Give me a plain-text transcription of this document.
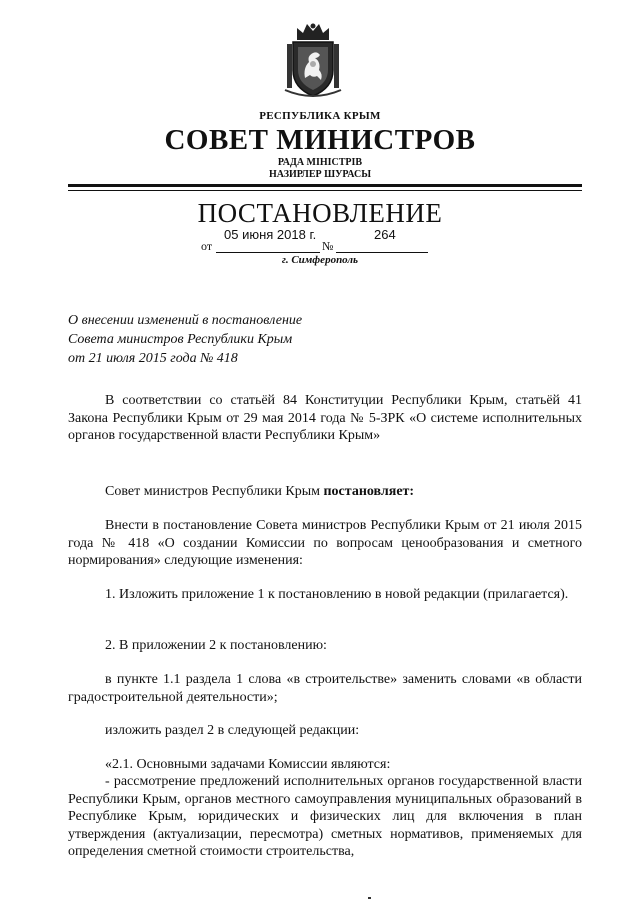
РЕСПУБЛИКА КРЫМ
СОВЕТ МИНИСТРОВ
РАДА МІНІСТРІВ
НАЗИРЛЕР ШУРАСЫ
ПОСТАНОВЛЕНИЕ
05 июня 2018 г.	264
от	№
г. Симферополь
О внесении изменений в постановление
Совета министров Республики Крым
от 21 июля 2015 года № 418
В соответствии со статьёй 84 Конституции Республики Крым, статьёй 41 Закона Республики Крым от 29 мая 2014 года № 5-ЗРК «О системе исполнительных органов государственной власти Республики Крым»
Совет министров Республики Крым постановляет:
Внести в постановление Совета министров Республики Крым от 21 июля 2015 года № 418 «О создании Комиссии по вопросам ценообразования и сметного нормирования» следующие изменения:
1. Изложить приложение 1 к постановлению в новой редакции (прилагается).
2. В приложении 2 к постановлению:
в пункте 1.1 раздела 1 слова «в строительстве» заменить словами «в области градостроительной деятельности»;
изложить раздел 2 в следующей редакции:
«2.1. Основными задачами Комиссии являются:
- рассмотрение предложений исполнительных органов государственной власти Республики Крым, органов местного самоуправления муниципальных образований в Республике Крым, юридических и физических лиц для включения в план утверждения (актуализации, пересмотра) сметных нормативов, применяемых для определения сметной стоимости строительства,
